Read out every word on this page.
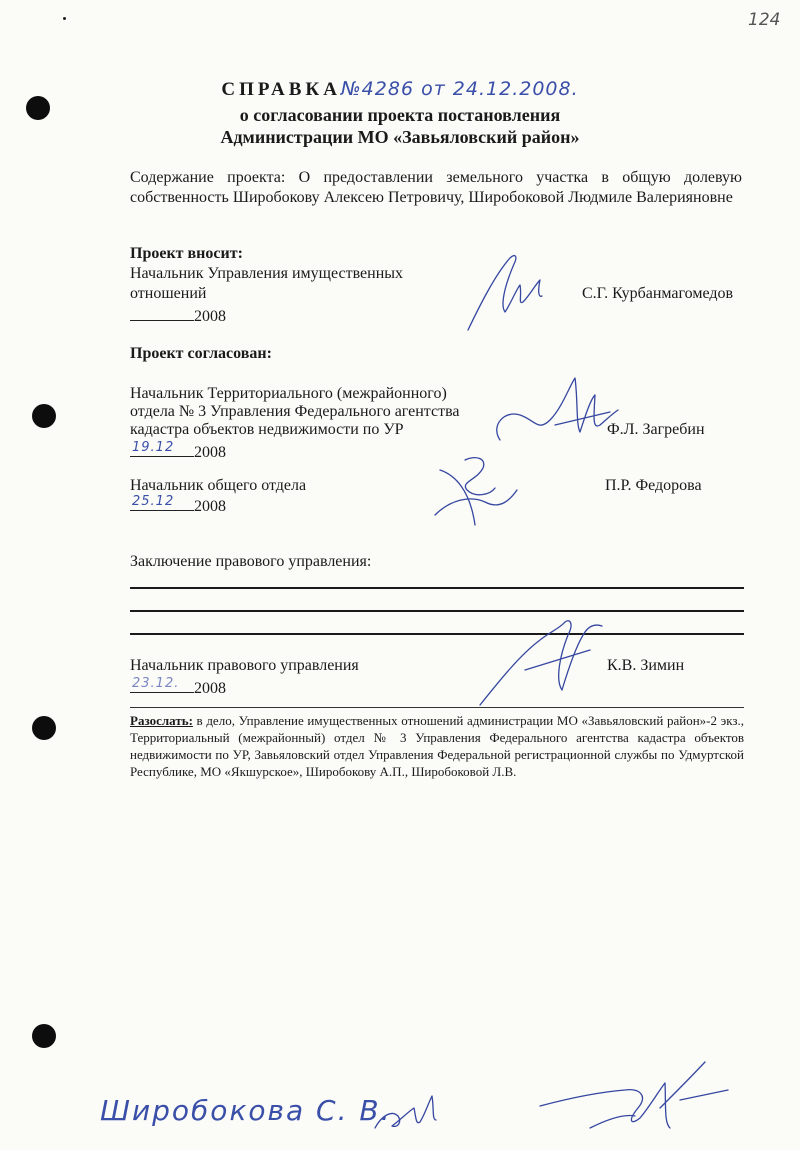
124
СПРАВКА№4286 от 24.12.2008.
о согласовании проекта постановления
Администрации МО «Завьяловский район»
Содержание проекта: О предоставлении земельного участка в общую долевую собственность Широбокову Алексею Петровичу, Широбоковой Людмиле Валерияновне
Проект вносит:
Начальник Управления имущественных
отношений
2008
С.Г. Курбанмагомедов
Проект согласован:
Начальник Территориального (межрайонного)
отдела № 3 Управления Федерального агентства
кадастра объектов недвижимости по УР
19.12 2008
Ф.Л. Загребин
Начальник общего отдела
25.12 2008
П.Р. Федорова
Заключение правового управления:
Начальник правового управления
23.12. 2008
К.В. Зимин
Разослать: в дело, Управление имущественных отношений администрации МО «Завьяловский район»-2 экз., Территориальный (межрайонный) отдел № 3 Управления Федерального агентства кадастра объектов недвижимости по УР, Завьяловский отдел Управления Федеральной регистрационной службы по Удмуртской Республике, МО «Якшурское», Широбокову А.П., Широбоковой Л.В.
Широбокова С. В.
